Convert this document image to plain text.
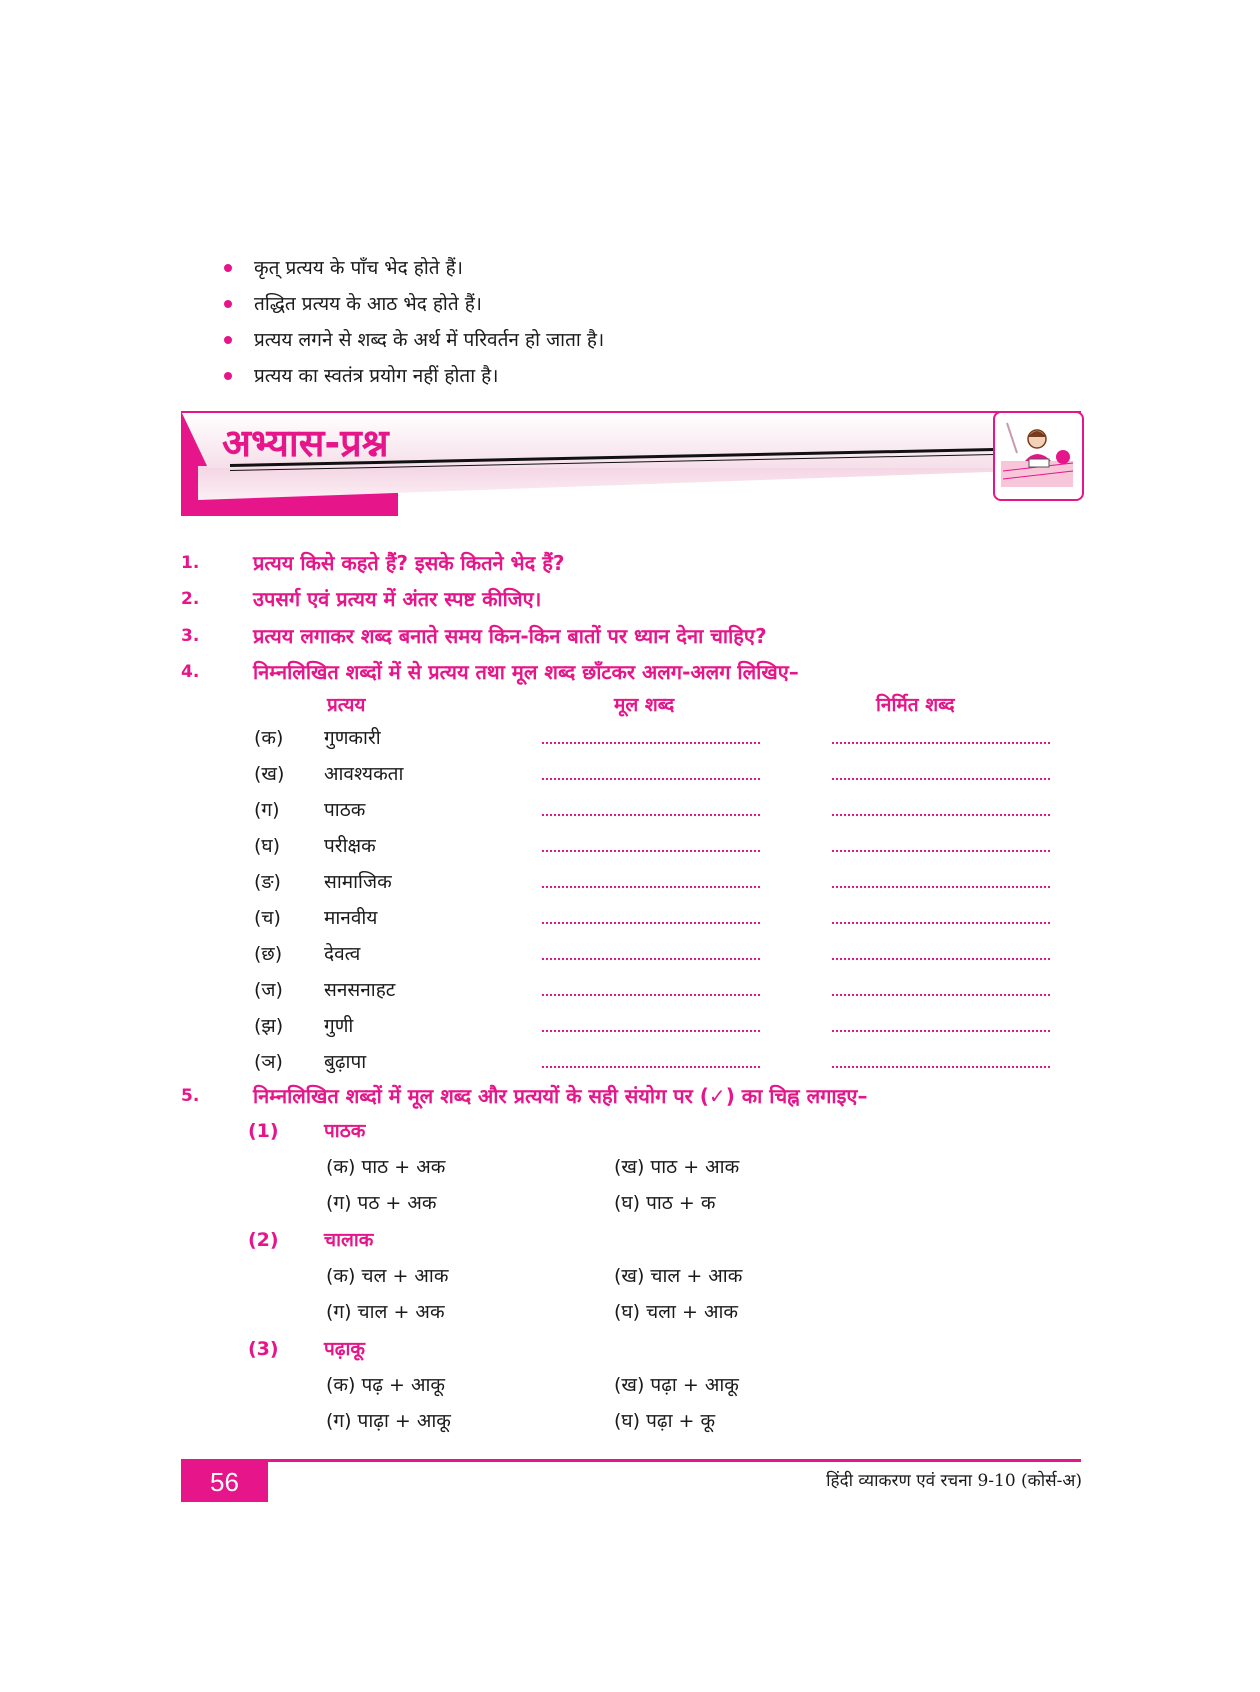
कृत् प्रत्यय के पाँच भेद होते हैं।
तद्धित प्रत्यय के आठ भेद होते हैं।
प्रत्यय लगने से शब्द के अर्थ में परिवर्तन हो जाता है।
प्रत्यय का स्वतंत्र प्रयोग नहीं होता है।
अभ्यास-प्रश्न
1.	प्रत्यय किसे कहते हैं? इसके कितने भेद हैं?
2.	उपसर्ग एवं प्रत्यय में अंतर स्पष्ट कीजिए।
3.	प्रत्यय लगाकर शब्द बनाते समय किन-किन बातों पर ध्यान देना चाहिए?
4.	निम्नलिखित शब्दों में से प्रत्यय तथा मूल शब्द छाँटकर अलग-अलग लिखिए–
प्रत्यय	मूल शब्द	निर्मित शब्द
(क)	गुणकारी
(ख)	आवश्यकता
(ग)	पाठक
(घ)	परीक्षक
(ङ)	सामाजिक
(च)	मानवीय
(छ)	देवत्व
(ज)	सनसनाहट
(झ)	गुणी
(ञ)	बुढ़ापा
5.	निम्नलिखित शब्दों में मूल शब्द और प्रत्ययों के सही संयोग पर (✓) का चिह्न लगाइए–
(1) पाठक
(क) पाठ + अक	(ख) पाठ + आक
(ग) पठ + अक	(घ) पाठ + क
(2) चालाक
(क) चल + आक	(ख) चाल + आक
(ग) चाल + अक	(घ) चला + आक
(3) पढ़ाकू
(क) पढ़ + आकू	(ख) पढ़ा + आकू
(ग) पाढ़ा + आकू	(घ) पढ़ा + कू
56	हिंदी व्याकरण एवं रचना 9-10 (कोर्स-अ)
